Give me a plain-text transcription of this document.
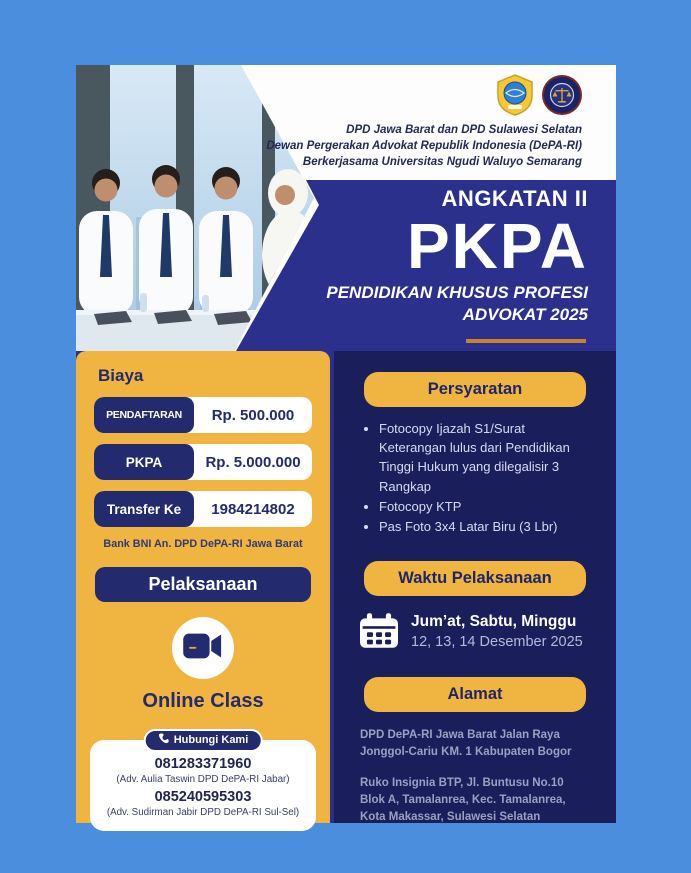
DPD Jawa Barat dan DPD Sulawesi Selatan
Dewan Pergerakan Advokat Republik Indonesia (DePA-RI)
Berkerjasama Universitas Ngudi Waluyo Semarang
ANGKATAN II
PKPA
PENDIDIKAN KHUSUS PROFESI
ADVOKAT 2025
Biaya
PENDAFTARAN	Rp. 500.000
PKPA	Rp. 5.000.000
Transfer Ke	1984214802
Bank BNI An. DPD DePA-RI Jawa Barat
Pelaksanaan
Online Class
Hubungi Kami
081283371960
(Adv. Aulia Taswin DPD DePA-RI Jabar)
085240595303
(Adv. Sudirman Jabir DPD DePA-RI Sul-Sel)
Persyaratan
• Fotocopy Ijazah S1/Surat Keterangan lulus dari Pendidikan Tinggi Hukum yang dilegalisir 3 Rangkap
• Fotocopy KTP
• Pas Foto 3x4 Latar Biru (3 Lbr)
Waktu Pelaksanaan
Jum’at, Sabtu, Minggu
12, 13, 14 Desember 2025
Alamat

DPD DePA-RI Jawa Barat Jalan Raya Jonggol-Cariu KM. 1 Kabupaten Bogor

Ruko Insignia BTP, Jl. Buntusu No.10 Blok A, Tamalanrea, Kec. Tamalanrea, Kota Makassar, Sulawesi Selatan
